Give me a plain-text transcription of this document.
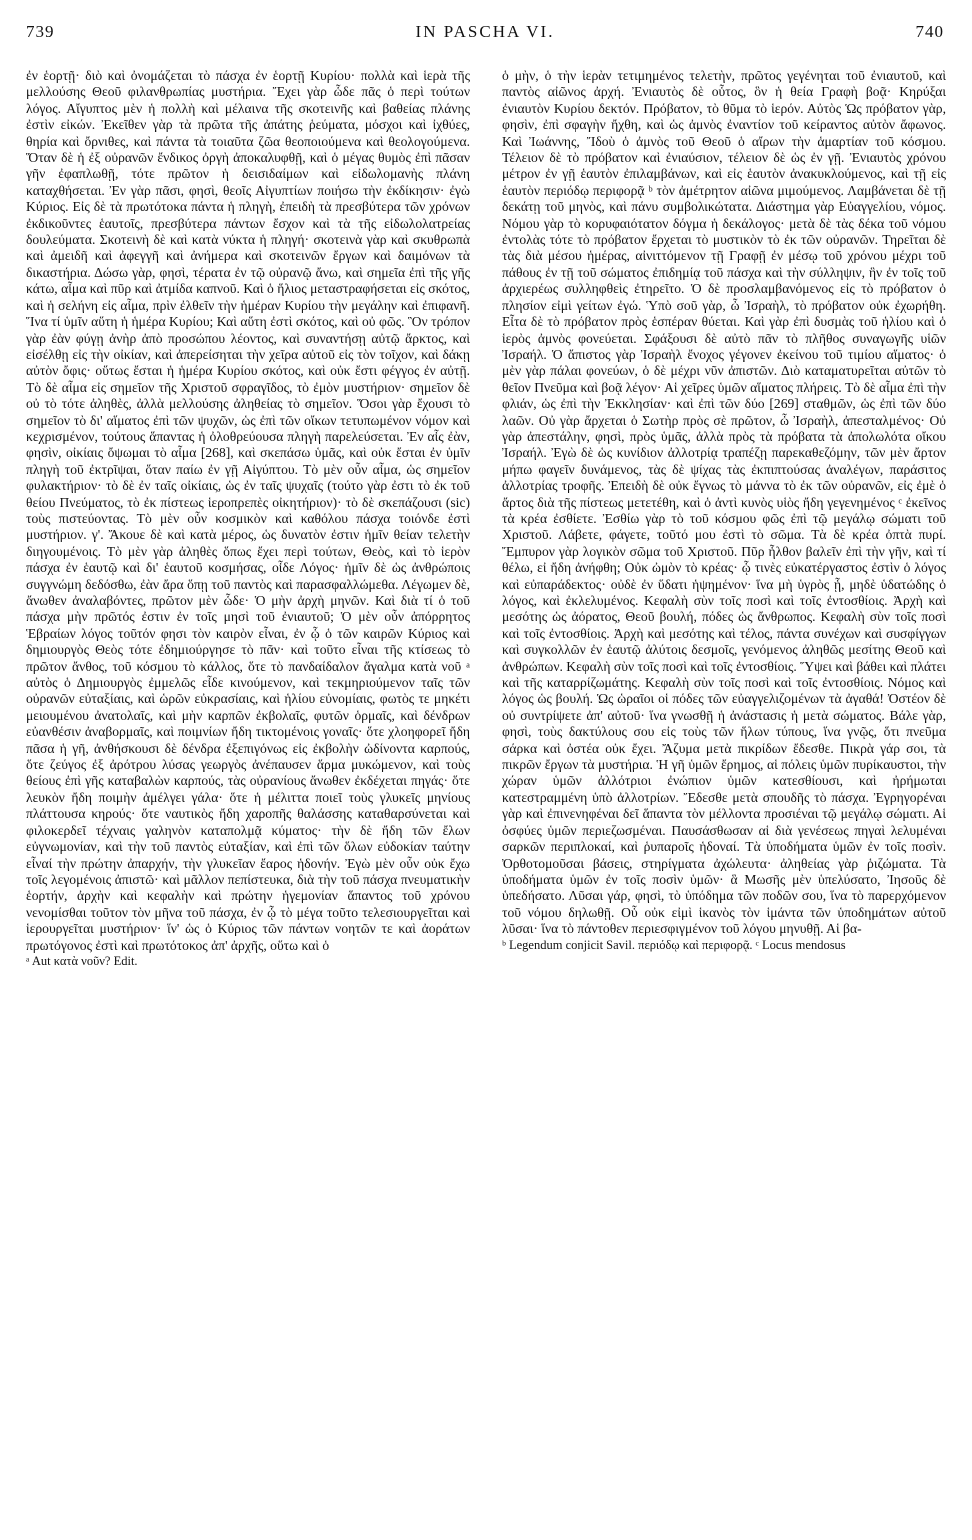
739	IN PASCHA VI.	740

ἐν ἑορτῇ· διὸ καὶ ὀνομάζεται τὸ πάσχα ἐν ἑορτῇ Κυρίου· πολλὰ καὶ ἱερὰ τῆς μελλούσης Θεοῦ φιλανθρωπίας μυστήρια. Ἔχει γὰρ ὧδε πᾶς ὁ περὶ τούτων λόγος. Αἴγυπτος μὲν ἡ πολλὴ καὶ μέλαινα τῆς σκοτεινῆς καὶ βαθείας πλάνης ἐστὶν εἰκών. Ἐκεῖθεν γὰρ τὰ πρῶτα τῆς ἀπάτης ῥεύματα, μόσχοι καὶ ἰχθύες, θηρία καὶ ὄρνιθες, καὶ πάντα τὰ τοιαῦτα ζῶα θεοποιούμενα καὶ θεολογούμενα. Ὅταν δὲ ἡ ἐξ οὐρανῶν ἔνδικος ὀργὴ ἀποκαλυφθῇ, καὶ ὁ μέγας θυμὸς ἐπὶ πᾶσαν γῆν ἐφαπλωθῇ, τότε πρῶτον ἡ δεισιδαίμων καὶ εἰδωλομανὴς πλάνη καταχθήσεται. Ἐν γὰρ πᾶσι, φησὶ, θεοῖς Αἰγυπτίων ποιήσω τὴν ἐκδίκησιν· ἐγὼ Κύριος. Εἰς δὲ τὰ πρωτότοκα πάντα ἡ πληγὴ, ἐπειδὴ τὰ πρεσβύτερα τῶν χρόνων ἐκδικοῦντες ἑαυτοῖς, πρεσβύτερα πάντων ἔσχον καὶ τὰ τῆς εἰδωλολατρείας δουλεύματα. Σκοτεινὴ δὲ καὶ κατὰ νύκτα ἡ πληγή· σκοτεινὰ γὰρ καὶ σκυθρωπὰ καὶ ἀμειδῆ καὶ ἀφεγγῆ καὶ ἀνήμερα καὶ σκοτεινῶν ἔργων καὶ δαιμόνων τὰ δικαστήρια. Δώσω γὰρ, φησὶ, τέρατα ἐν τῷ οὐρανῷ ἄνω, καὶ σημεῖα ἐπὶ τῆς γῆς κάτω, αἷμα καὶ πῦρ καὶ ἀτμίδα καπνοῦ. Καὶ ὁ ἥλιος μεταστραφήσεται εἰς σκότος, καὶ ἡ σελήνη εἰς αἷμα, πρὶν ἐλθεῖν τὴν ἡμέραν Κυρίου τὴν μεγάλην καὶ ἐπιφανῆ. Ἵνα τί ὑμῖν αὕτη ἡ ἡμέρα Κυρίου; Καὶ αὕτη ἐστὶ σκότος, καὶ οὐ φῶς. Ὃν τρόπον γὰρ ἐὰν φύγῃ ἀνὴρ ἀπὸ προσώπου λέοντος, καὶ συναντήσῃ αὐτῷ ἄρκτος, καὶ εἰσέλθῃ εἰς τὴν οἰκίαν, καὶ ἀπερείσηται τὴν χεῖρα αὐτοῦ εἰς τὸν τοῖχον, καὶ δάκῃ αὐτὸν ὄφις· οὕτως ἔσται ἡ ἡμέρα Κυρίου σκότος, καὶ οὐκ ἔστι φέγγος ἐν αὐτῇ. Τὸ δὲ αἷμα εἰς σημεῖον τῆς Χριστοῦ σφραγῖδος, τὸ ἐμὸν μυστήριον· σημεῖον δὲ οὐ τὸ τότε ἀληθὲς, ἀλλὰ μελλούσης ἀληθείας τὸ σημεῖον. Ὅσοι γὰρ ἔχουσι τὸ σημεῖον τὸ δι' αἵματος ἐπὶ τῶν ψυχῶν, ὡς ἐπὶ τῶν οἴκων τετυπωμένον νόμον καὶ κεχρισμένον, τούτους ἅπαντας ἡ ὀλοθρεύουσα πληγὴ παρελεύσεται. Ἐν αἷς ἐὰν, φησὶν, οἰκίαις ὄψωμαι τὸ αἷμα [268], καὶ σκεπάσω ὑμᾶς, καὶ οὐκ ἔσται ἐν ὑμῖν πληγὴ τοῦ ἐκτρῖψαι, ὅταν παίω ἐν γῇ Αἰγύπτου. Τὸ μὲν οὖν αἷμα, ὡς σημεῖον φυλακτήριον· τὸ δὲ ἐν ταῖς οἰκίαις, ὡς ἐν ταῖς ψυχαῖς (τούτο γὰρ ἐστι τὸ ἐκ τοῦ θείου Πνεύματος, τὸ ἐκ πίστεως ἱεροπρεπὲς οἰκητήριον)· τὸ δὲ σκεπάζουσι (sic) τοὺς πιστεύοντας. Τὸ μὲν οὖν κοσμικὸν καὶ καθόλου πάσχα τοιόνδε ἐστὶ μυστήριον. γ'. Ἄκουε δὲ καὶ κατὰ μέρος, ὡς δυνατὸν ἐστιν ἡμῖν θείαν τελετὴν διηγουμένοις. Τὸ μὲν γὰρ ἀληθὲς ὅπως ἔχει περὶ τούτων, Θεὸς, καὶ τὸ ἱερὸν πάσχα ἐν ἑαυτῷ καὶ δι' ἑαυτοῦ κοσμήσας, οἶδε Λόγος· ἡμῖν δὲ ὡς ἀνθρώποις συγγνώμη δεδόσθω, ἐὰν ἄρα ὅπῃ τοῦ παντὸς καὶ παρασφαλλώμεθα. Λέγωμεν δὲ, ἄνωθεν ἀναλαβόντες, πρῶτον μὲν ὧδε· Ὁ μὴν ἀρχὴ μηνῶν. Καὶ διὰ τί ὁ τοῦ πάσχα μὴν πρῶτός ἐστιν ἐν τοῖς μησὶ τοῦ ἐνιαυτοῦ; Ὁ μὲν οὖν ἀπόρρητος Ἑβραίων λόγος τοῦτόν φησι τὸν καιρὸν εἶναι, ἐν ᾧ ὁ τῶν καιρῶν Κύριος καὶ δημιουργὸς Θεὸς τότε ἐδημιούργησε τὸ πᾶν· καὶ τοῦτο εἶναι τῆς κτίσεως τὸ πρῶτον ἄνθος, τοῦ κόσμου τὸ κάλλος, ὅτε τὸ πανδαίδαλον ἄγαλμα κατὰ νοῦ ᵃ αὐτὸς ὁ Δημιουργὸς ἐμμελῶς εἶδε κινούμενον, καὶ τεκμηριούμενον ταῖς τῶν οὐρανῶν εὐταξίαις, καὶ ὡρῶν εὐκρασίαις, καὶ ἡλίου εὐνομίαις, φωτὸς τε μηκέτι μειουμένου ἀνατολαῖς, καὶ μὴν καρπῶν ἐκβολαῖς, φυτῶν ὁρμαῖς, καὶ δένδρων εὐανθέσιν ἀναβορμαῖς, καὶ ποιμνίων ἤδη τικτομένοις γοναῖς· ὅτε χλοηφορεῖ ἤδη πᾶσα ἡ γῆ, ἀνθήσκουσι δὲ δένδρα ἐξεπιγόνως εἰς ἐκβολὴν ὠδίνοντα καρπούς, ὅτε ζεύγος ἐξ ἀρότρου λύσας γεωργὸς ἀνέπαυσεν ἅρμα μυκώμενον, καὶ τοὺς θείους ἐπὶ γῆς καταβαλὼν καρπούς, τὰς οὐρανίους ἄνωθεν ἐκδέχεται πηγάς· ὅτε λευκὸν ἤδη ποιμὴν ἀμέλγει γάλα· ὅτε ἡ μέλιττα ποιεῖ τοὺς γλυκεῖς μηνίους πλάττουσα κηρούς· ὅτε ναυτικὸς ἤδη χαροπῆς θαλάσσης καταθαρσύνεται καὶ φιλοκερδεῖ τέχναις γαληνὸν καταπολμᾷ κύματος· τὴν δὲ ἤδη τῶν ἔλων εὐγνωμονίαν, καὶ τὴν τοῦ παντὸς εὐταξίαν, καὶ ἐπὶ τῶν ὅλων εὐδοκίαν ταύτην εἶναί τὴν πρώτην ἀπαρχήν, τὴν γλυκεῖαν ἔαρος ἡδονήν. Ἐγὼ μὲν οὖν οὐκ ἔχω τοῖς λεγομένοις ἀπιστῶ· καὶ μᾶλλον πεπίστευκα, διὰ τὴν τοῦ πάσχα πνευματικὴν ἑορτήν, ἀρχὴν καὶ κεφαλὴν καὶ πρώτην ἡγεμονίαν ἅπαντος τοῦ χρόνου νενομίσθαι τοῦτον τὸν μῆνα τοῦ πάσχα, ἐν ᾧ τὸ μέγα τοῦτο τελεσιουργεῖται καὶ ἱερουργεῖται μυστήριον· ἵν' ὡς ὁ Κύριος τῶν πάντων νοητῶν τε καὶ ἀοράτων πρωτόγονος ἐστὶ καὶ πρωτότοκος ἀπ' ἀρχῆς, οὕτω καὶ ὁ

ᵃ Aut κατὰ νοῦν? Edit.

ὁ μὴν, ὁ τὴν ἱερὰν τετιμημένος τελετὴν, πρῶτος γεγένηται τοῦ ἐνιαυτοῦ, καὶ παντὸς αἰῶνος ἀρχή. Ἐνιαυτὸς δὲ οὗτος, ὃν ἡ θεία Γραφὴ βοᾷ· Κηρύξαι ἐνιαυτὸν Κυρίου δεκτόν. Πρόβατον, τὸ θῦμα τὸ ἱερόν. Αὐτὸς Ὡς πρόβατον γὰρ, φησὶν, ἐπὶ σφαγὴν ἤχθη, καὶ ὡς ἀμνὸς ἐναντίον τοῦ κείραντος αὐτὸν ἄφωνος. Καὶ Ἰωάννης, Ἴδοὺ ὁ ἀμνὸς τοῦ Θεοῦ ὁ αἴρων τὴν ἁμαρτίαν τοῦ κόσμου. Τέλειον δὲ τὸ πρόβατον καὶ ἐνιαύσιον, τέλειον δὲ ὡς ἐν γῇ. Ἐνιαυτὸς χρόνου μέτρον ἐν γῇ ἑαυτὸν ἐπιλαμβάνων, καὶ εἰς ἑαυτὸν ἀνακυκλούμενος, καὶ τῇ εἰς ἑαυτὸν περιόδῳ περιφορᾷ ᵇ τὸν ἀμέτρητον αἰῶνα μιμούμενος. Λαμβάνεται δὲ τῇ δεκάτῃ τοῦ μηνὸς, καὶ πάνυ συμβολικώτατα. Διάστημα γὰρ Εὐαγγελίου, νόμος. Νόμου γὰρ τὸ κορυφαιότατον δόγμα ἡ δεκάλογος· μετὰ δὲ τὰς δέκα τοῦ νόμου ἐντολὰς τότε τὸ πρόβατον ἔρχεται τὸ μυστικὸν τὸ ἐκ τῶν οὐρανῶν. Τηρεῖται δὲ τὰς διὰ μέσου ἡμέρας, αἰνιττόμενον τῇ Γραφῇ ἐν μέσῳ τοῦ χρόνου μέχρι τοῦ πάθους ἐν τῇ τοῦ σώματος ἐπιδημίᾳ τοῦ πάσχα καὶ τὴν σύλληψιν, ἣν ἐν τοῖς τοῦ ἀρχιερέως συλληφθεὶς ἐτηρεῖτο. Ὁ δὲ προσλαμβανόμενος εἰς τὸ πρόβατον ὁ πλησίον εἰμὶ γείτων ἐγώ. Ὑπὸ σοῦ γὰρ, ὦ Ἰσραὴλ, τὸ πρόβατον οὐκ ἐχωρήθη. Εἶτα δὲ τὸ πρόβατον πρὸς ἑσπέραν θύεται. Καὶ γὰρ ἐπὶ δυσμὰς τοῦ ἡλίου καὶ ὁ ἱερὸς ἀμνὸς φονεύεται. Σφάξουσι δὲ αὐτὸ πᾶν τὸ πλῆθος συναγωγῆς υἱῶν Ἰσραήλ. Ὁ ἄπιστος γὰρ Ἰσραὴλ ἔνοχος γέγονεν ἐκείνου τοῦ τιμίου αἵματος· ὁ μὲν γὰρ πάλαι φονεύων, ὁ δὲ μέχρι νῦν ἀπιστῶν. Διὸ καταματυρεῖται αὐτῶν τὸ θεῖον Πνεῦμα καὶ βοᾷ λέγον· Αἱ χεῖρες ὑμῶν αἵματος πλήρεις. Τὸ δὲ αἷμα ἐπὶ τὴν φλιάν, ὡς ἐπὶ τὴν Ἐκκλησίαν· καὶ ἐπὶ τῶν δύο [269] σταθμῶν, ὡς ἐπὶ τῶν δύο λαῶν. Οὐ γὰρ ἄρχεται ὁ Σωτὴρ πρὸς σὲ πρῶτον, ὦ Ἰσραὴλ, ἀπεσταλμένος· Οὐ γὰρ ἀπεστάλην, φησὶ, πρὸς ὑμᾶς, ἀλλὰ πρὸς τὰ πρόβατα τὰ ἀπολωλότα οἴκου Ἰσραήλ. Ἐγὼ δὲ ὡς κυνίδιον ἀλλοτρίᾳ τραπέζῃ παρεκαθεζόμην, τῶν μὲν ἄρτον μήπω φαγεῖν δυνάμενος, τὰς δὲ ψίχας τὰς ἐκπιπτούσας ἀναλέγων, παράσιτος ἀλλοτρίας τροφῆς. Ἐπειδὴ δὲ οὐκ ἔγνως τὸ μάννα τὸ ἐκ τῶν οὐρανῶν, εἰς ἐμὲ ὁ ἄρτος διὰ τῆς πίστεως μετετέθη, καὶ ὁ ἀντὶ κυνὸς υἱὸς ἤδη γεγενημένος ᶜ ἐκεῖνος τὰ κρέα ἐσθίετε. Ἐσθίω γὰρ τὸ τοῦ κόσμου φῶς ἐπὶ τῷ μεγάλῳ σώματι τοῦ Χριστοῦ. Λάβετε, φάγετε, τοῦτό μου ἐστὶ τὸ σῶμα. Τὰ δὲ κρέα ὀπτὰ πυρί. Ἔμπυρον γὰρ λογικὸν σῶμα τοῦ Χριστοῦ. Πῦρ ἦλθον βαλεῖν ἐπὶ τὴν γῆν, καὶ τί θέλω, εἰ ἤδη ἀνήφθη; Οὐκ ὠμὸν τὸ κρέας· ᾧ τινὲς εὐκατέργαστος ἐστὶν ὁ λόγος καὶ εὐπαράδεκτος· οὐδὲ ἐν ὕδατι ἡψημένον· ἵνα μὴ ὑγρὸς ᾖ, μηδὲ ὑδατώδης ὁ λόγος, καὶ ἐκλελυμένος. Κεφαλὴ σὺν τοῖς ποσὶ καὶ τοῖς ἐντοσθίοις. Ἀρχὴ καὶ μεσότης ὡς ἀόρατος, Θεοῦ βουλή, πόδες ὡς ἄνθρωπος. Κεφαλὴ σὺν τοῖς ποσὶ καὶ τοῖς ἐντοσθίοις. Ἀρχὴ καὶ μεσότης καὶ τέλος, πάντα συνέχων καὶ συσφίγγων καὶ συγκολλῶν ἐν ἑαυτῷ ἀλύτοις δεσμοῖς, γενόμενος ἀληθῶς μεσίτης Θεοῦ καὶ ἀνθρώπων. Κεφαλὴ σὺν τοῖς ποσὶ καὶ τοῖς ἐντοσθίοις. Ὕψει καὶ βάθει καὶ πλάτει καὶ τῆς καταρρίζωμάτης. Κεφαλὴ σὺν τοῖς ποσὶ καὶ τοῖς ἐντοσθίοις. Νόμος καὶ λόγος ὡς βουλή. Ὡς ὡραῖοι οἱ πόδες τῶν εὐαγγελιζομένων τὰ ἀγαθά! Ὀστέον δὲ οὐ συντρίψετε ἀπ' αὐτοῦ· ἵνα γνωσθῇ ἡ ἀνάστασις ἡ μετὰ σώματος. Βάλε γὰρ, φησὶ, τοὺς δακτύλους σου εἰς τοὺς τῶν ἥλων τύπους, ἵνα γνῷς, ὅτι πνεῦμα σάρκα καὶ ὀστέα οὐκ ἔχει. Ἄζυμα μετὰ πικρίδων ἔδεσθε. Πικρὰ γάρ σοι, τὰ πικρῶν ἔργων τὰ μυστήρια. Ἡ γῆ ὑμῶν ἔρημος, αἱ πόλεις ὑμῶν πυρίκαυστοι, τὴν χώραν ὑμῶν ἀλλότριοι ἐνώπιον ὑμῶν κατεσθίουσι, καὶ ἠρήμωται κατεστραμμένη ὑπὸ ἀλλοτρίων. Ἔδεσθε μετὰ σπουδῆς τὸ πάσχα. Ἐγρηγορέναι γὰρ καὶ ἐπινενηφέναι δεῖ ἅπαντα τὸν μέλλοντα προσιέναι τῷ μεγάλῳ σώματι. Αἱ ὀσφύες ὑμῶν περιεζωσμέναι. Παυσάσθωσαν αἱ διὰ γενέσεως πηγαὶ λελυμέναι σαρκῶν περιπλοκαί, καὶ ῥυπαροῖς ἡδοναί. Τὰ ὑποδήματα ὑμῶν ἐν τοῖς ποσὶν. Ὀρθοτομοῦσαι βάσεις, στηρίγματα ἀχώλευτα· ἀληθείας γὰρ ῥιζώματα. Τὰ ὑποδήματα ὑμῶν ἐν τοῖς ποσὶν ὑμῶν· ἃ Μωσῆς μὲν ὑπελύσατο, Ἰησοῦς δὲ ὑπεδήσατο. Λῦσαι γάρ, φησὶ, τὸ ὑπόδημα τῶν ποδῶν σου, ἵνα τὸ παρερχόμενον τοῦ νόμου δηλωθῇ. Οὗ οὐκ εἰμὶ ἱκανὸς τὸν ἱμάντα τῶν ὑποδημάτων αὐτοῦ λῦσαι· ἵνα τὸ πάντοθεν περιεσφιγμένον τοῦ λόγου μηνυθῇ. Αἱ βα-

ᵇ Legendum conjicit Savil. περιόδῳ καὶ περιφορᾷ. ᶜ Locus mendosus
